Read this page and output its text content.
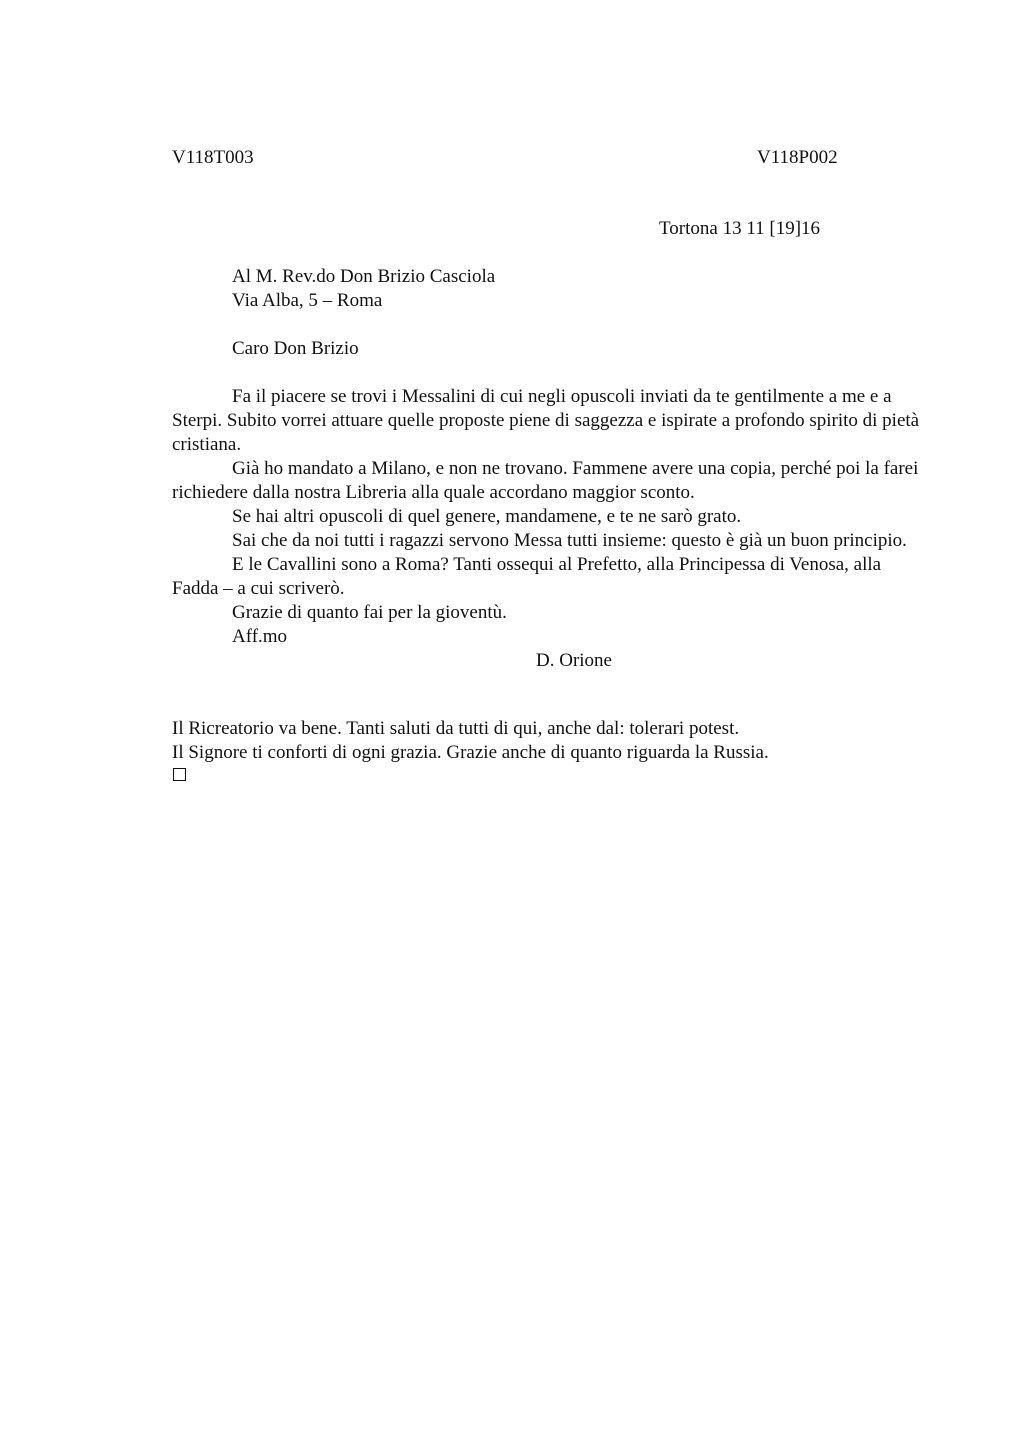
V118T003	V118P002
Tortona 13 11 [19]16
Al M. Rev.do Don Brizio Casciola
Via Alba, 5 – Roma
Caro Don Brizio

Fa il piacere se trovi i Messalini di cui negli opuscoli inviati da te gentilmente a me e a Sterpi. Subito vorrei attuare quelle proposte piene di saggezza e ispirate a profondo spirito di pietà cristiana.

Già ho mandato a Milano, e non ne trovano. Fammene avere una copia, perché poi la farei richiedere dalla nostra Libreria alla quale accordano maggior sconto.

Se hai altri opuscoli di quel genere, mandamene, e te ne sarò grato.

Sai che da noi tutti i ragazzi servono Messa tutti insieme: questo è già un buon principio.

E le Cavallini sono a Roma? Tanti ossequi al Prefetto, alla Principessa di Venosa, alla Fadda – a cui scriverò.

Grazie di quanto fai per la gioventù.

Aff.mo

D. Orione

Il Ricreatorio va bene. Tanti saluti da tutti di qui, anche dal: tolerari potest.

Il Signore ti conforti di ogni grazia. Grazie anche di quanto riguarda la Russia.
